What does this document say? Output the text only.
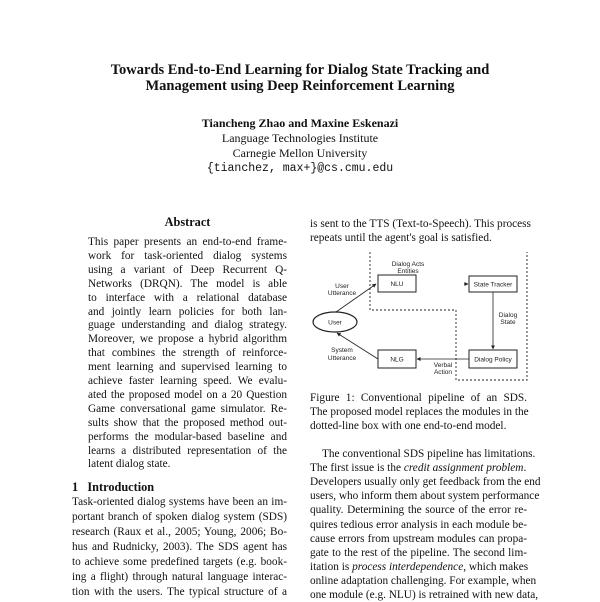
Towards End-to-End Learning for Dialog State Tracking and
Management using Deep Reinforcement Learning
Tiancheng Zhao and Maxine Eskenazi
Language Technologies Institute
Carnegie Mellon University
{tianchez, max+}@cs.cmu.edu
Abstract
This paper presents an end-to-end frame-
work for task-oriented dialog systems
using a variant of Deep Recurrent Q-
Networks (DRQN). The model is able
to interface with a relational database
and jointly learn policies for both lan-
guage understanding and dialog strategy.
Moreover, we propose a hybrid algorithm
that combines the strength of reinforce-
ment learning and supervised learning to
achieve faster learning speed. We evalu-
ated the proposed model on a 20 Question
Game conversational game simulator. Re-
sults show that the proposed method out-
performs the modular-based baseline and
learns a distributed representation of the
latent dialog state.
1 Introduction
Task-oriented dialog systems have been an im-
portant branch of spoken dialog system (SDS)
research (Raux et al., 2005; Young, 2006; Bo-
hus and Rudnicky, 2003). The SDS agent has
to achieve some predefined targets (e.g. book-
ing a flight) through natural language interac-
tion with the users. The typical structure of a
is sent to the TTS (Text-to-Speech). This process
repeats until the agent's goal is satisfied.
NLU	State Tracker
NLG	Dialog Policy
User
Dialog Acts
Entities
User
Utterance
Dialog
State
System
Utterance
Verbal
Action
Figure 1: Conventional pipeline of an SDS.
The proposed model replaces the modules in the
dotted-line box with one end-to-end model.
The conventional SDS pipeline has limitations.
The first issue is the credit assignment problem.
Developers usually only get feedback from the end
users, who inform them about system performance
quality. Determining the source of the error re-
quires tedious error analysis in each module be-
cause errors from upstream modules can propa-
gate to the rest of the pipeline. The second lim-
itation is process interdependence, which makes
online adaptation challenging. For example, when
one module (e.g. NLU) is retrained with new data,
